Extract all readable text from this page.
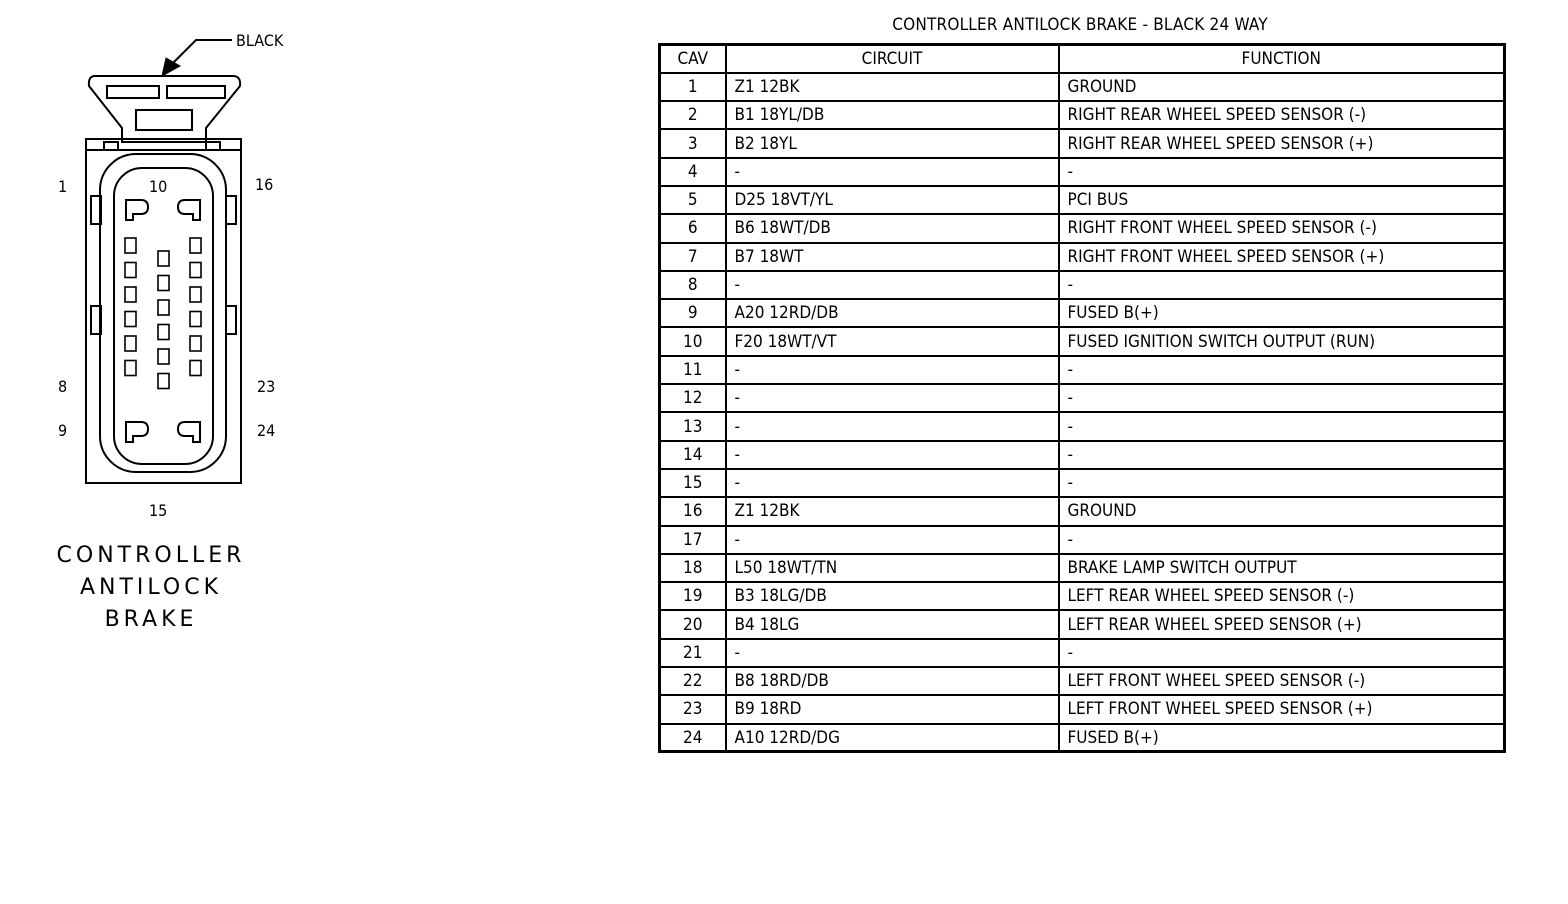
BLACK
1	10	16
8	23
9	24
15
CONTROLLER
ANTILOCK
BRAKE
CONTROLLER ANTILOCK BRAKE - BLACK 24 WAY
CAV	CIRCUIT	FUNCTION
1	Z1 12BK	GROUND
2	B1 18YL/DB	RIGHT REAR WHEEL SPEED SENSOR (-)
3	B2 18YL	RIGHT REAR WHEEL SPEED SENSOR (+)
4	-	-
5	D25 18VT/YL	PCI BUS
6	B6 18WT/DB	RIGHT FRONT WHEEL SPEED SENSOR (-)
7	B7 18WT	RIGHT FRONT WHEEL SPEED SENSOR (+)
8	-	-
9	A20 12RD/DB	FUSED B(+)
10	F20 18WT/VT	FUSED IGNITION SWITCH OUTPUT (RUN)
11	-	-
12	-	-
13	-	-
14	-	-
15	-	-
16	Z1 12BK	GROUND
17	-	-
18	L50 18WT/TN	BRAKE LAMP SWITCH OUTPUT
19	B3 18LG/DB	LEFT REAR WHEEL SPEED SENSOR (-)
20	B4 18LG	LEFT REAR WHEEL SPEED SENSOR (+)
21	-	-
22	B8 18RD/DB	LEFT FRONT WHEEL SPEED SENSOR (-)
23	B9 18RD	LEFT FRONT WHEEL SPEED SENSOR (+)
24	A10 12RD/DG	FUSED B(+)
